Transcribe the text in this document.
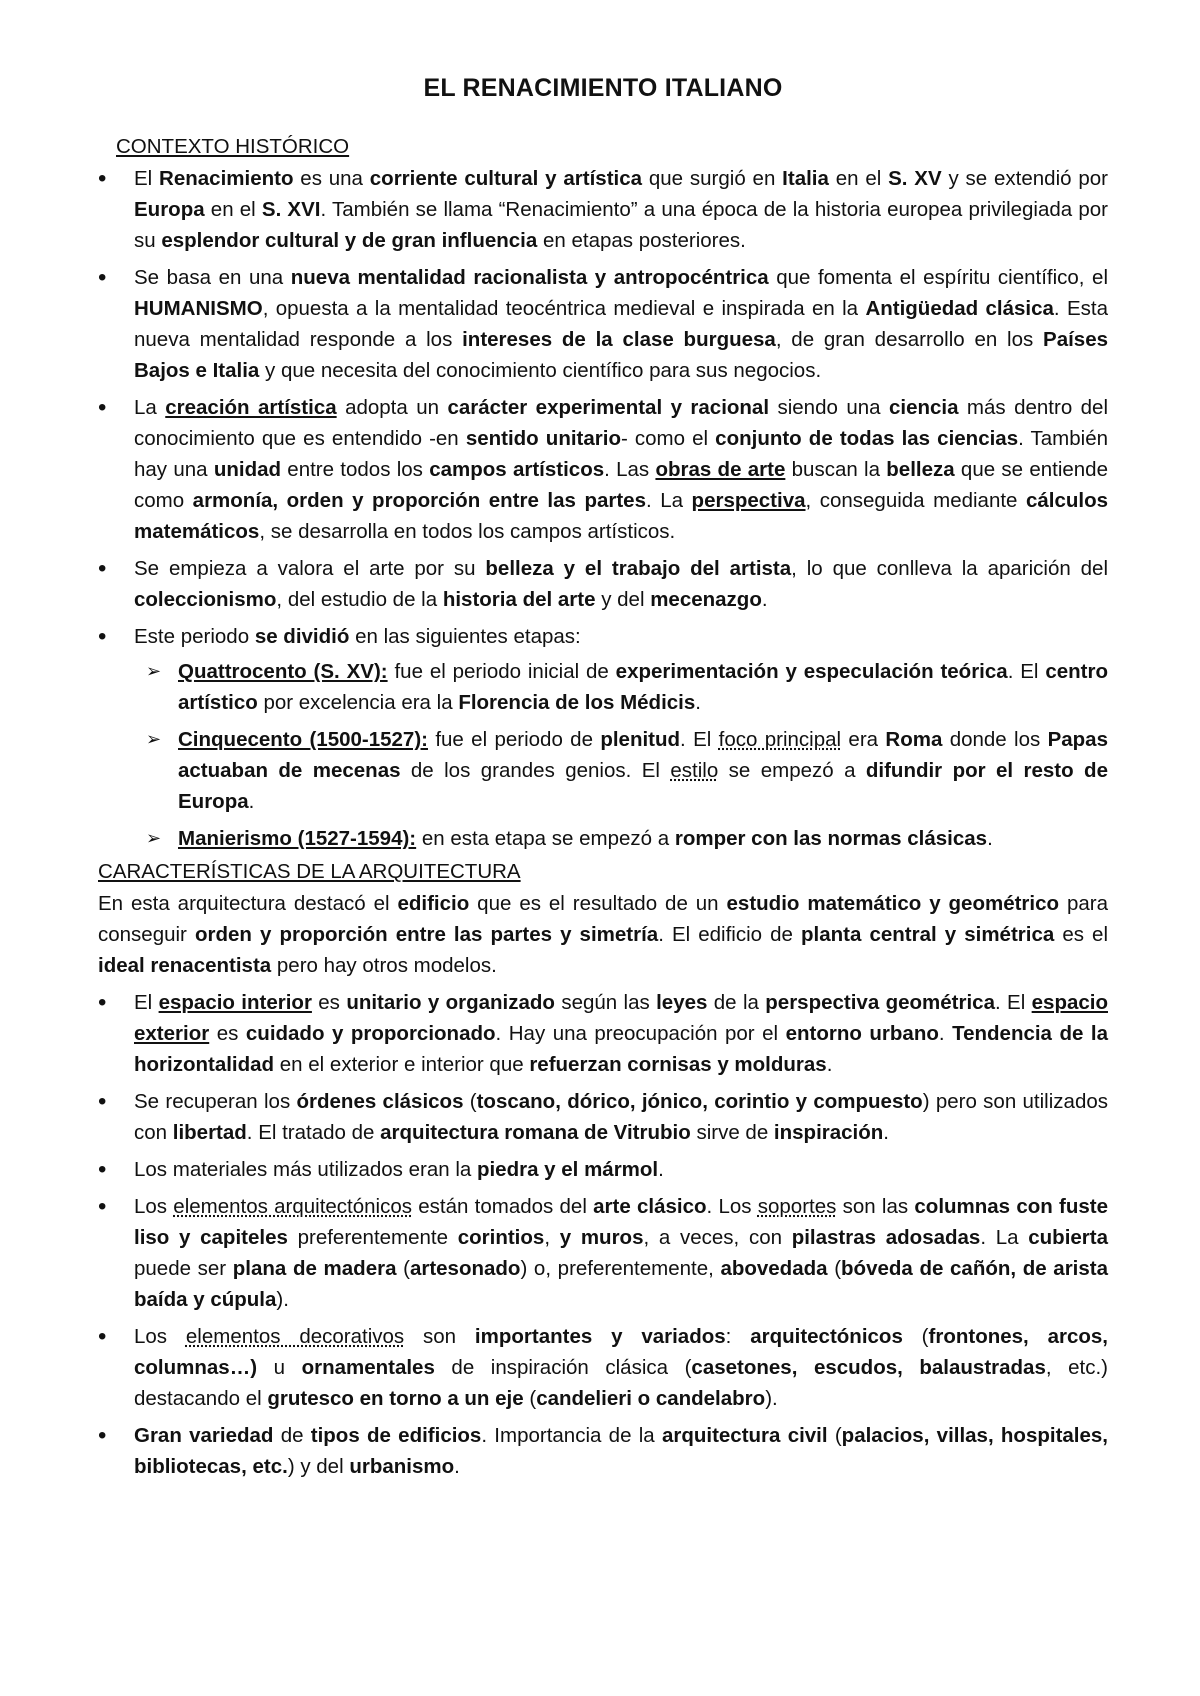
EL RENACIMIENTO ITALIANO
CONTEXTO HISTÓRICO
• El Renacimiento es una corriente cultural y artística que surgió en Italia en el S. XV y se extendió por Europa en el S. XVI. También se llama “Renacimiento” a una época de la historia europea privilegiada por su esplendor cultural y de gran influencia en etapas posteriores.
• Se basa en una nueva mentalidad racionalista y antropocéntrica que fomenta el espíritu científico, el HUMANISMO, opuesta a la mentalidad teocéntrica medieval e inspirada en la Antigüedad clásica. Esta nueva mentalidad responde a los intereses de la clase burguesa, de gran desarrollo en los Países Bajos e Italia y que necesita del conocimiento científico para sus negocios.
• La creación artística adopta un carácter experimental y racional siendo una ciencia más dentro del conocimiento que es entendido -en sentido unitario- como el conjunto de todas las ciencias. También hay una unidad entre todos los campos artísticos. Las obras de arte buscan la belleza que se entiende como armonía, orden y proporción entre las partes. La perspectiva, conseguida mediante cálculos matemáticos, se desarrolla en todos los campos artísticos.
• Se empieza a valora el arte por su belleza y el trabajo del artista, lo que conlleva la aparición del coleccionismo, del estudio de la historia del arte y del mecenazgo.
• Este periodo se dividió en las siguientes etapas:
➢ Quattrocento (S. XV): fue el periodo inicial de experimentación y especulación teórica. El centro artístico por excelencia era la Florencia de los Médicis.
➢ Cinquecento (1500-1527): fue el periodo de plenitud. El foco principal era Roma donde los Papas actuaban de mecenas de los grandes genios. El estilo se empezó a difundir por el resto de Europa.
➢ Manierismo (1527-1594): en esta etapa se empezó a romper con las normas clásicas.
CARACTERÍSTICAS DE LA ARQUITECTURA
En esta arquitectura destacó el edificio que es el resultado de un estudio matemático y geométrico para conseguir orden y proporción entre las partes y simetría. El edificio de planta central y simétrica es el ideal renacentista pero hay otros modelos.
• El espacio interior es unitario y organizado según las leyes de la perspectiva geométrica. El espacio exterior es cuidado y proporcionado. Hay una preocupación por el entorno urbano. Tendencia de la horizontalidad en el exterior e interior que refuerzan cornisas y molduras.
• Se recuperan los órdenes clásicos (toscano, dórico, jónico, corintio y compuesto) pero son utilizados con libertad. El tratado de arquitectura romana de Vitrubio sirve de inspiración.
• Los materiales más utilizados eran la piedra y el mármol.
• Los elementos arquitectónicos están tomados del arte clásico. Los soportes son las columnas con fuste liso y capiteles preferentemente corintios, y muros, a veces, con pilastras adosadas. La cubierta puede ser plana de madera (artesonado) o, preferentemente, abovedada (bóveda de cañón, de arista baída y cúpula).
• Los elementos decorativos son importantes y variados: arquitectónicos (frontones, arcos, columnas…) u ornamentales de inspiración clásica (casetones, escudos, balaustradas, etc.) destacando el grutesco en torno a un eje (candelieri o candelabro).
• Gran variedad de tipos de edificios. Importancia de la arquitectura civil (palacios, villas, hospitales, bibliotecas, etc.) y del urbanismo.
